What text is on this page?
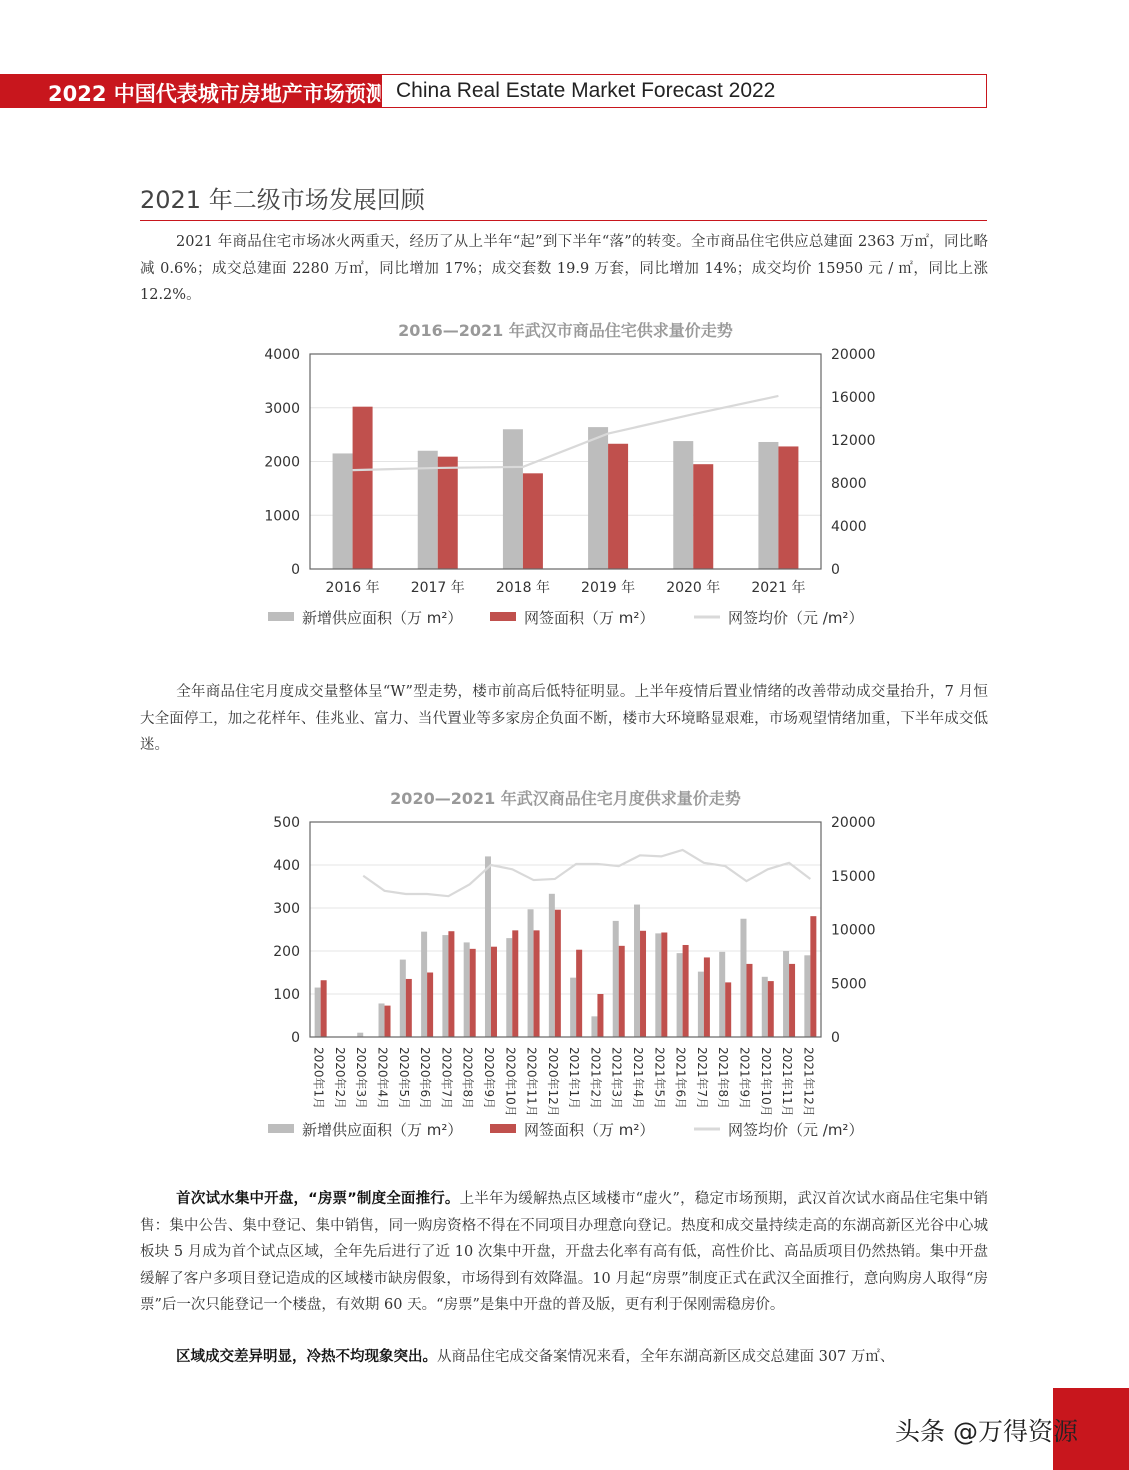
2022 中国代表城市房地产市场预测 China Real Estate Market Forecast 2022
2021 年二级市场发展回顾

2021 年商品住宅市场冰火两重天，经历了从上半年“起”到下半年“落”的转变。全市商品住宅供应总建面 2363 万㎡，同比略减 0.6%；成交总建面 2280 万㎡，同比增加 17%；成交套数 19.9 万套，同比增加 14%；成交均价 15950 元 / ㎡，同比上涨 12.2%。

2016—2021 年武汉市商品住宅供求量价走势
0
1000
2000
3000
4000
0
4000
8000
12000
16000
20000
2016 年 2017 年 2018 年 2019 年 2020 年 2021 年
新增供应面积（万 m²）	网签面积（万 m²）	网签均价（元 /m²）

全年商品住宅月度成交量整体呈“W”型走势，楼市前高后低特征明显。上半年疫情后置业情绪的改善带动成交量抬升，7 月恒大全面停工，加之花样年、佳兆业、富力、当代置业等多家房企负面不断，楼市大环境略显艰难，市场观望情绪加重，下半年成交低迷。

2020—2021 年武汉商品住宅月度供求量价走势
0
100
200
300
400
500
0
5000
10000
15000
20000
2020年1月 2020年2月 2020年3月 2020年4月 2020年5月 2020年6月 2020年7月 2020年8月 2020年9月 2020年10月 2020年11月 2020年12月 2021年1月 2021年2月 2021年3月 2021年4月 2021年5月 2021年6月 2021年7月 2021年8月 2021年9月 2021年10月 2021年11月 2021年12月
新增供应面积（万 m²）	网签面积（万 m²）	网签均价（元 /m²）

首次试水集中开盘，“房票”制度全面推行。上半年为缓解热点区域楼市“虚火”，稳定市场预期，武汉首次试水商品住宅集中销售：集中公告、集中登记、集中销售，同一购房资格不得在不同项目办理意向登记。热度和成交量持续走高的东湖高新区光谷中心城板块 5 月成为首个试点区域，全年先后进行了近 10 次集中开盘，开盘去化率有高有低，高性价比、高品质项目仍然热销。集中开盘缓解了客户多项目登记造成的区域楼市缺房假象，市场得到有效降温。10 月起“房票”制度正式在武汉全面推行，意向购房人取得“房票”后一次只能登记一个楼盘，有效期 60 天。“房票”是集中开盘的普及版，更有利于保刚需稳房价。

区域成交差异明显，冷热不均现象突出。从商品住宅成交备案情况来看，全年东湖高新区成交总建面 307 万㎡、

头条 @万得资源
